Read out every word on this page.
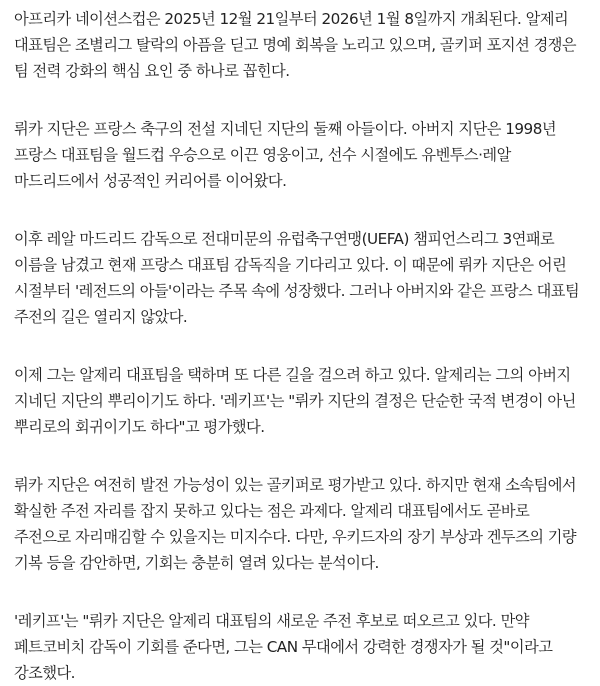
아프리카 네이션스컵은 2025년 12월 21일부터 2026년 1월 8일까지 개최된다. 알제리 대표팀은 조별리그 탈락의 아픔을 딛고 명예 회복을 노리고 있으며, 골키퍼 포지션 경쟁은 팀 전력 강화의 핵심 요인 중 하나로 꼽힌다.

뤼카 지단은 프랑스 축구의 전설 지네딘 지단의 둘째 아들이다. 아버지 지단은 1998년 프랑스 대표팀을 월드컵 우승으로 이끈 영웅이고, 선수 시절에도 유벤투스·레알 마드리드에서 성공적인 커리어를 이어왔다.

이후 레알 마드리드 감독으로 전대미문의 유럽축구연맹(UEFA) 챔피언스리그 3연패로 이름을 남겼고 현재 프랑스 대표팀 감독직을 기다리고 있다. 이 때문에 뤼카 지단은 어린 시절부터 '레전드의 아들'이라는 주목 속에 성장했다. 그러나 아버지와 같은 프랑스 대표팀 주전의 길은 열리지 않았다.

이제 그는 알제리 대표팀을 택하며 또 다른 길을 걸으려 하고 있다. 알제리는 그의 아버지 지네딘 지단의 뿌리이기도 하다. '레키프'는 "뤼카 지단의 결정은 단순한 국적 변경이 아닌 뿌리로의 회귀이기도 하다"고 평가했다.

뤼카 지단은 여전히 발전 가능성이 있는 골키퍼로 평가받고 있다. 하지만 현재 소속팀에서 확실한 주전 자리를 잡지 못하고 있다는 점은 과제다. 알제리 대표팀에서도 곧바로 주전으로 자리매김할 수 있을지는 미지수다. 다만, 우키드자의 장기 부상과 겐두즈의 기량 기복 등을 감안하면, 기회는 충분히 열려 있다는 분석이다.

'레키프'는 "뤼카 지단은 알제리 대표팀의 새로운 주전 후보로 떠오르고 있다. 만약 페트코비치 감독이 기회를 준다면, 그는 CAN 무대에서 강력한 경쟁자가 될 것"이라고 강조했다.
